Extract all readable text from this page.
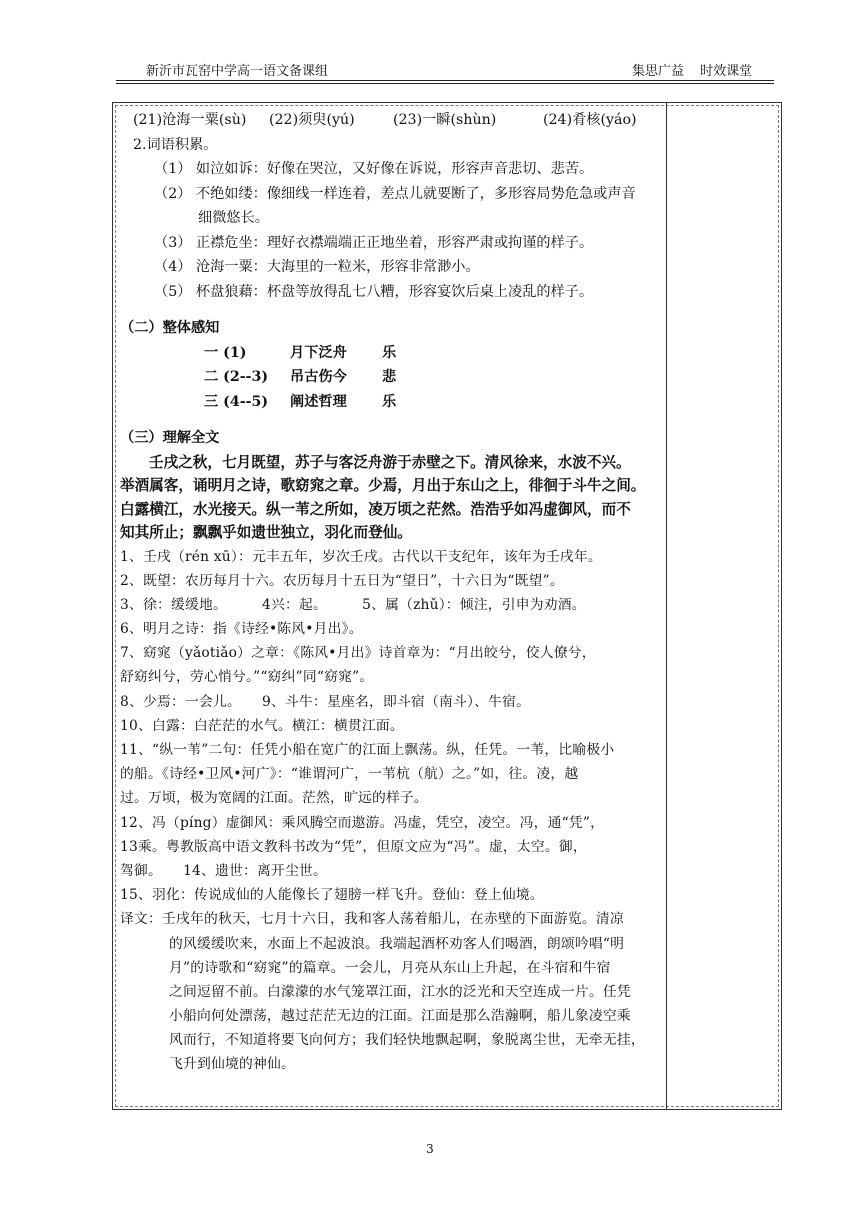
新沂市瓦窑中学高一语文备课组	集思广益 时效课堂
(21)沧海一粟(sù) (22)须臾(yú)	(23)一瞬(shùn)	(24)肴核(yáo)
2.词语积累。
（1） 如泣如诉：好像在哭泣，又好像在诉说，形容声音悲切、悲苦。
（2） 不绝如缕：像细线一样连着，差点儿就要断了，多形容局势危急或声音
细微悠长。
（3） 正襟危坐：理好衣襟端端正正地坐着，形容严肃或拘谨的样子。
（4） 沧海一粟：大海里的一粒米，形容非常渺小。
（5） 杯盘狼藉：杯盘等放得乱七八糟，形容宴饮后桌上凌乱的样子。
（二）整体感知
一 (1)	月下泛舟 乐
二 (2--3) 吊古伤今 悲
三 (4--5) 阐述哲理 乐
（三）理解全文
壬戌之秋，七月既望，苏子与客泛舟游于赤壁之下。清风徐来，水波不兴。
举酒属客，诵明月之诗，歌窈窕之章。少焉，月出于东山之上，徘徊于斗牛之间。
白露横江，水光接天。纵一苇之所如，凌万顷之茫然。浩浩乎如冯虚御风，而不
知其所止；飘飘乎如遗世独立，羽化而登仙。
1、壬戌（rén xū）：元丰五年，岁次壬戌。古代以干支纪年，该年为壬戌年。
2、既望：农历每月十六。农历每月十五日为“望日”，十六日为“既望”。
3、徐：缓缓地。　　　4兴：起。　　　5、属（zhǔ）：倾注，引申为劝酒。
6、明月之诗：指《诗经•陈风•月出》。
7、窈窕（yǎotiǎo）之章：《陈风•月出》诗首章为：“月出皎兮，佼人僚兮，
舒窈纠兮，劳心悄兮。”“窈纠”同“窈窕”。
8、少焉：一会儿。　　9、斗牛：星座名，即斗宿（南斗）、牛宿。
10、白露：白茫茫的水气。横江：横贯江面。
11、“纵一苇”二句：任凭小船在宽广的江面上飘荡。纵，任凭。一苇，比喻极小
的船。《诗经•卫风•河广》：“谁谓河广，一苇杭（航）之。”如，往。凌，越
过。万顷，极为宽阔的江面。茫然，旷远的样子。
12、冯（píng）虚御风：乘风腾空而遨游。冯虚，凭空，凌空。冯，通“凭”，
13乘。粤教版高中语文教科书改为“凭”，但原文应为“冯”。虚，太空。御，
驾御。　　14、遗世：离开尘世。
15、羽化：传说成仙的人能像长了翅膀一样飞升。登仙：登上仙境。
译文：壬戌年的秋天，七月十六日，我和客人荡着船儿，在赤壁的下面游览。清凉
的风缓缓吹来，水面上不起波浪。我端起酒杯劝客人们喝酒，朗颂吟唱“明
月”的诗歌和“窈窕”的篇章。一会儿，月亮从东山上升起，在斗宿和牛宿
之间逗留不前。白濛濛的水气笼罩江面，江水的泛光和天空连成一片。任凭
小船向何处漂荡，越过茫茫无边的江面。江面是那么浩瀚啊，船儿象凌空乘
风而行，不知道将要飞向何方；我们轻快地飘起啊，象脱离尘世，无牵无挂，
飞升到仙境的神仙。
3
